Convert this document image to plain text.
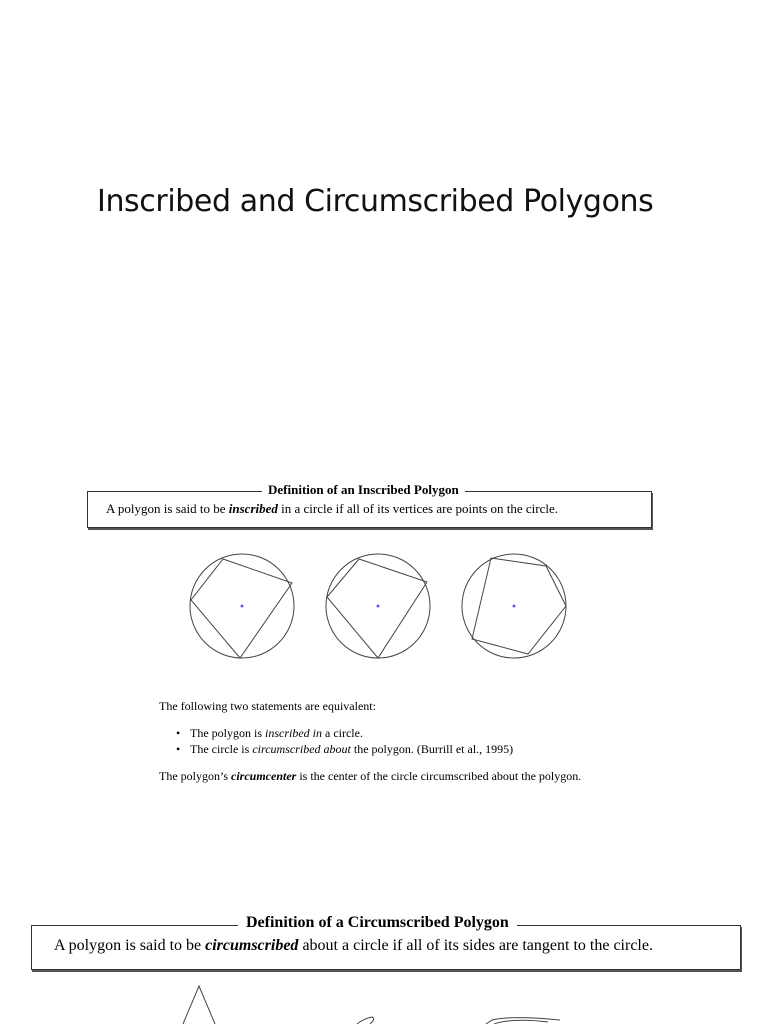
Inscribed and Circumscribed Polygons
Definition of an Inscribed Polygon
A polygon is said to be inscribed in a circle if all of its vertices are points on the circle.
The following two statements are equivalent:
• The polygon is inscribed in a circle.
• The circle is circumscribed about the polygon. (Burrill et al., 1995)
The polygon’s circumcenter is the center of the circle circumscribed about the polygon.
Definition of a Circumscribed Polygon
A polygon is said to be circumscribed about a circle if all of its sides are tangent to the circle.
